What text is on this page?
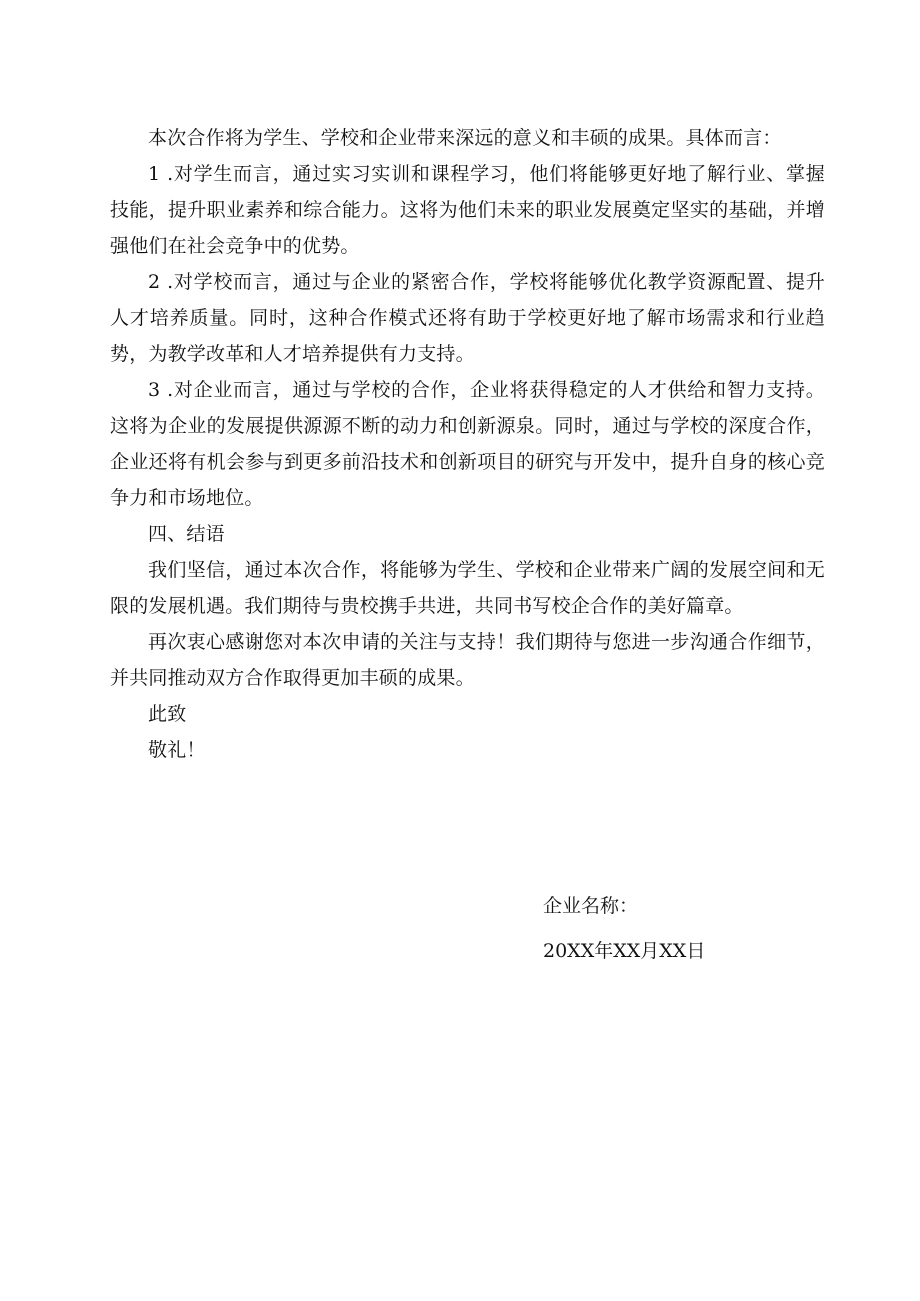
本次合作将为学生、学校和企业带来深远的意义和丰硕的成果。具体而言：

1 .对学生而言，通过实习实训和课程学习，他们将能够更好地了解行业、掌握技能，提升职业素养和综合能力。这将为他们未来的职业发展奠定坚实的基础，并增强他们在社会竞争中的优势。

2 .对学校而言，通过与企业的紧密合作，学校将能够优化教学资源配置、提升人才培养质量。同时，这种合作模式还将有助于学校更好地了解市场需求和行业趋势，为教学改革和人才培养提供有力支持。

3 .对企业而言，通过与学校的合作，企业将获得稳定的人才供给和智力支持。这将为企业的发展提供源源不断的动力和创新源泉。同时，通过与学校的深度合作，企业还将有机会参与到更多前沿技术和创新项目的研究与开发中，提升自身的核心竞争力和市场地位。

四、结语

我们坚信，通过本次合作，将能够为学生、学校和企业带来广阔的发展空间和无限的发展机遇。我们期待与贵校携手共进，共同书写校企合作的美好篇章。

再次衷心感谢您对本次申请的关注与支持！我们期待与您进一步沟通合作细节，并共同推动双方合作取得更加丰硕的成果。

此致

敬礼！

企业名称：

20XX年XX月XX日
